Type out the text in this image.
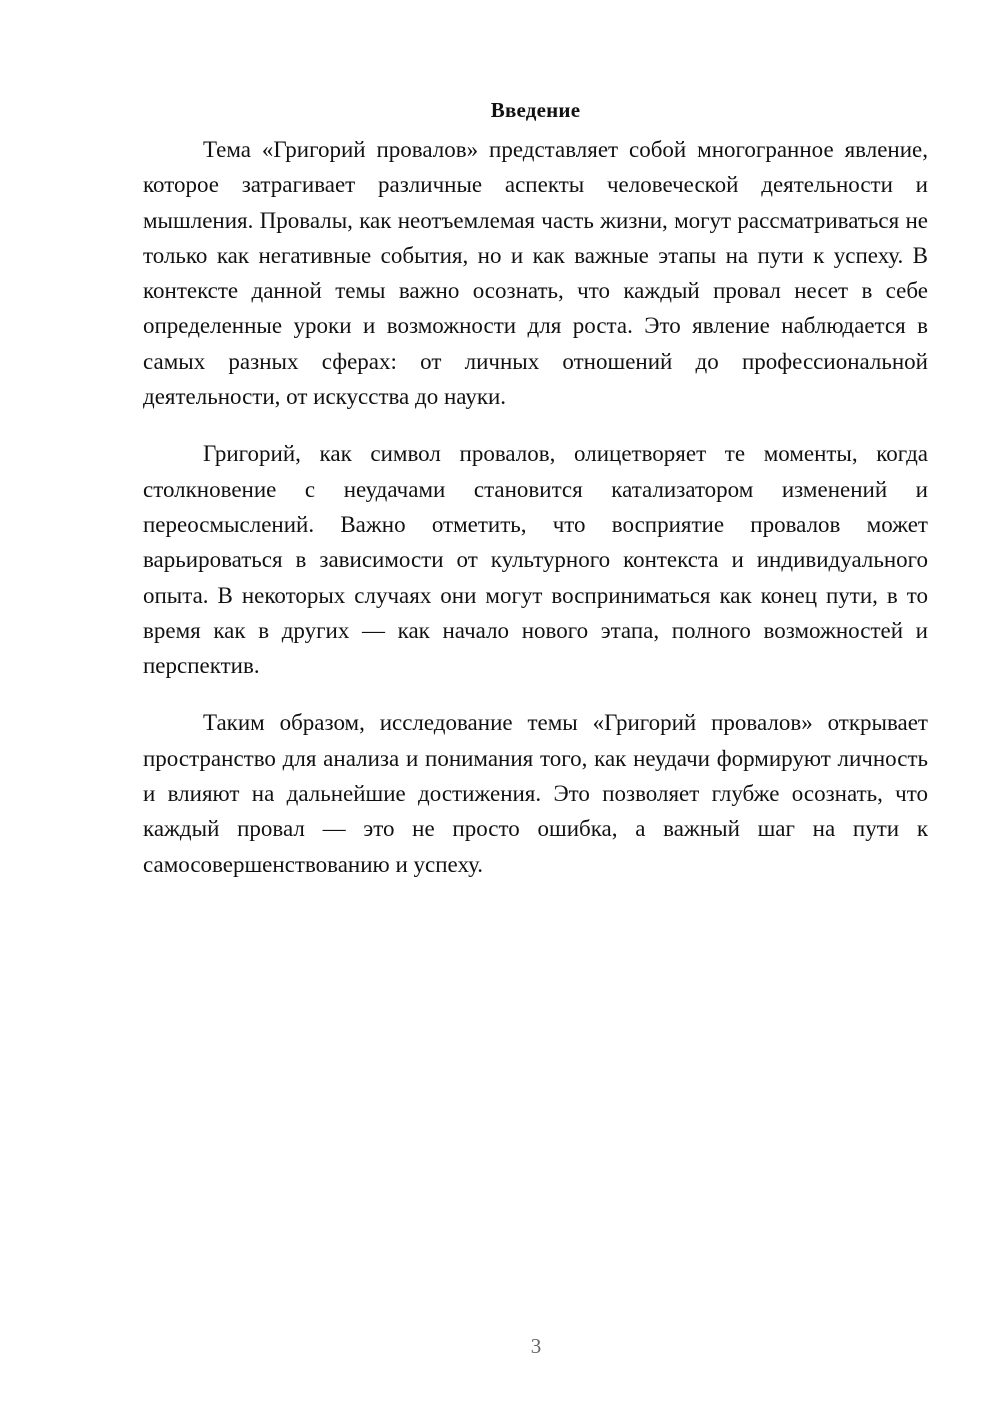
Введение

Тема «Григорий провалов» представляет собой многогранное явление, которое затрагивает различные аспекты человеческой деятельности и мышления. Провалы, как неотъемлемая часть жизни, могут рассматриваться не только как негативные события, но и как важные этапы на пути к успеху. В контексте данной темы важно осознать, что каждый провал несет в себе определенные уроки и возможности для роста. Это явление наблюдается в самых разных сферах: от личных отношений до профессиональной деятельности, от искусства до науки.

Григорий, как символ провалов, олицетворяет те моменты, когда столкновение с неудачами становится катализатором изменений и переосмыслений. Важно отметить, что восприятие провалов может варьироваться в зависимости от культурного контекста и индивидуального опыта. В некоторых случаях они могут восприниматься как конец пути, в то время как в других — как начало нового этапа, полного возможностей и перспектив.

Таким образом, исследование темы «Григорий провалов» открывает пространство для анализа и понимания того, как неудачи формируют личность и влияют на дальнейшие достижения. Это позволяет глубже осознать, что каждый провал — это не просто ошибка, а важный шаг на пути к самосовершенствованию и успеху.

3
